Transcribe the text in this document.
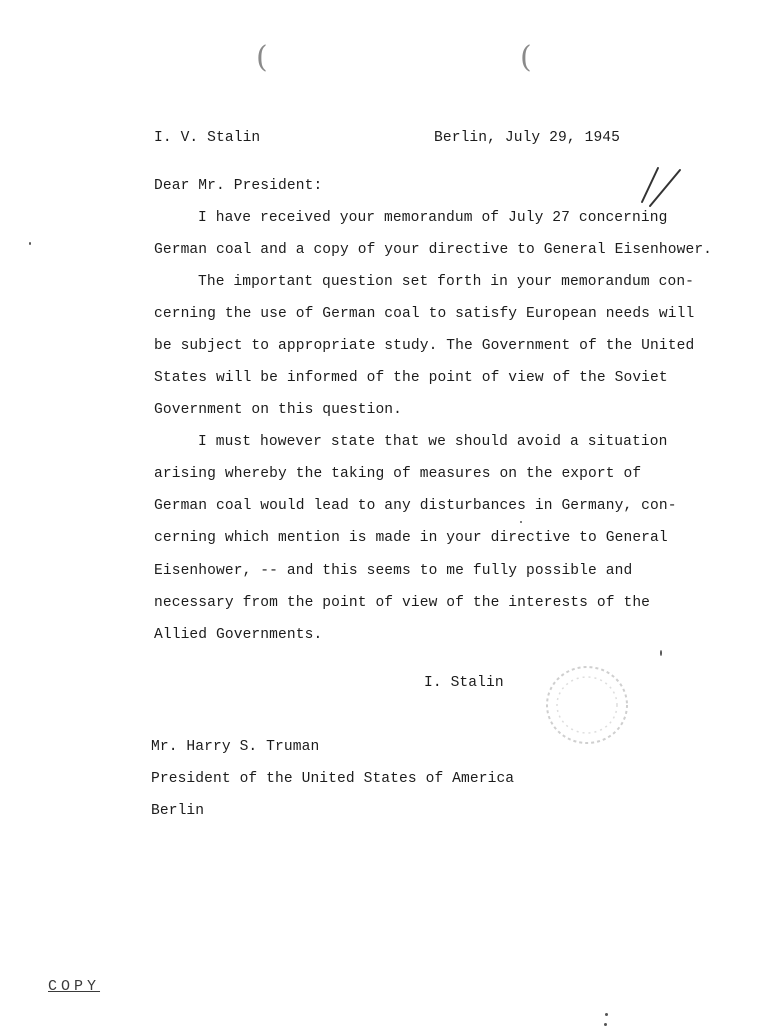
(	(
I. V. Stalin	Berlin, July 29, 1945
Dear Mr. President:
I have received your memorandum of July 27 concerning
German coal and a copy of your directive to General Eisenhower.
The important question set forth in your memorandum con-
cerning the use of German coal to satisfy European needs will
be subject to appropriate study. The Government of the United
States will be informed of the point of view of the Soviet
Government on this question.
I must however state that we should avoid a situation
arising whereby the taking of measures on the export of
German coal would lead to any disturbances in Germany, con-
cerning which mention is made in your directive to General
Eisenhower, -- and this seems to me fully possible and
necessary from the point of view of the interests of the
Allied Governments.
I. Stalin
Mr. Harry S. Truman
President of the United States of America
Berlin
COPY
